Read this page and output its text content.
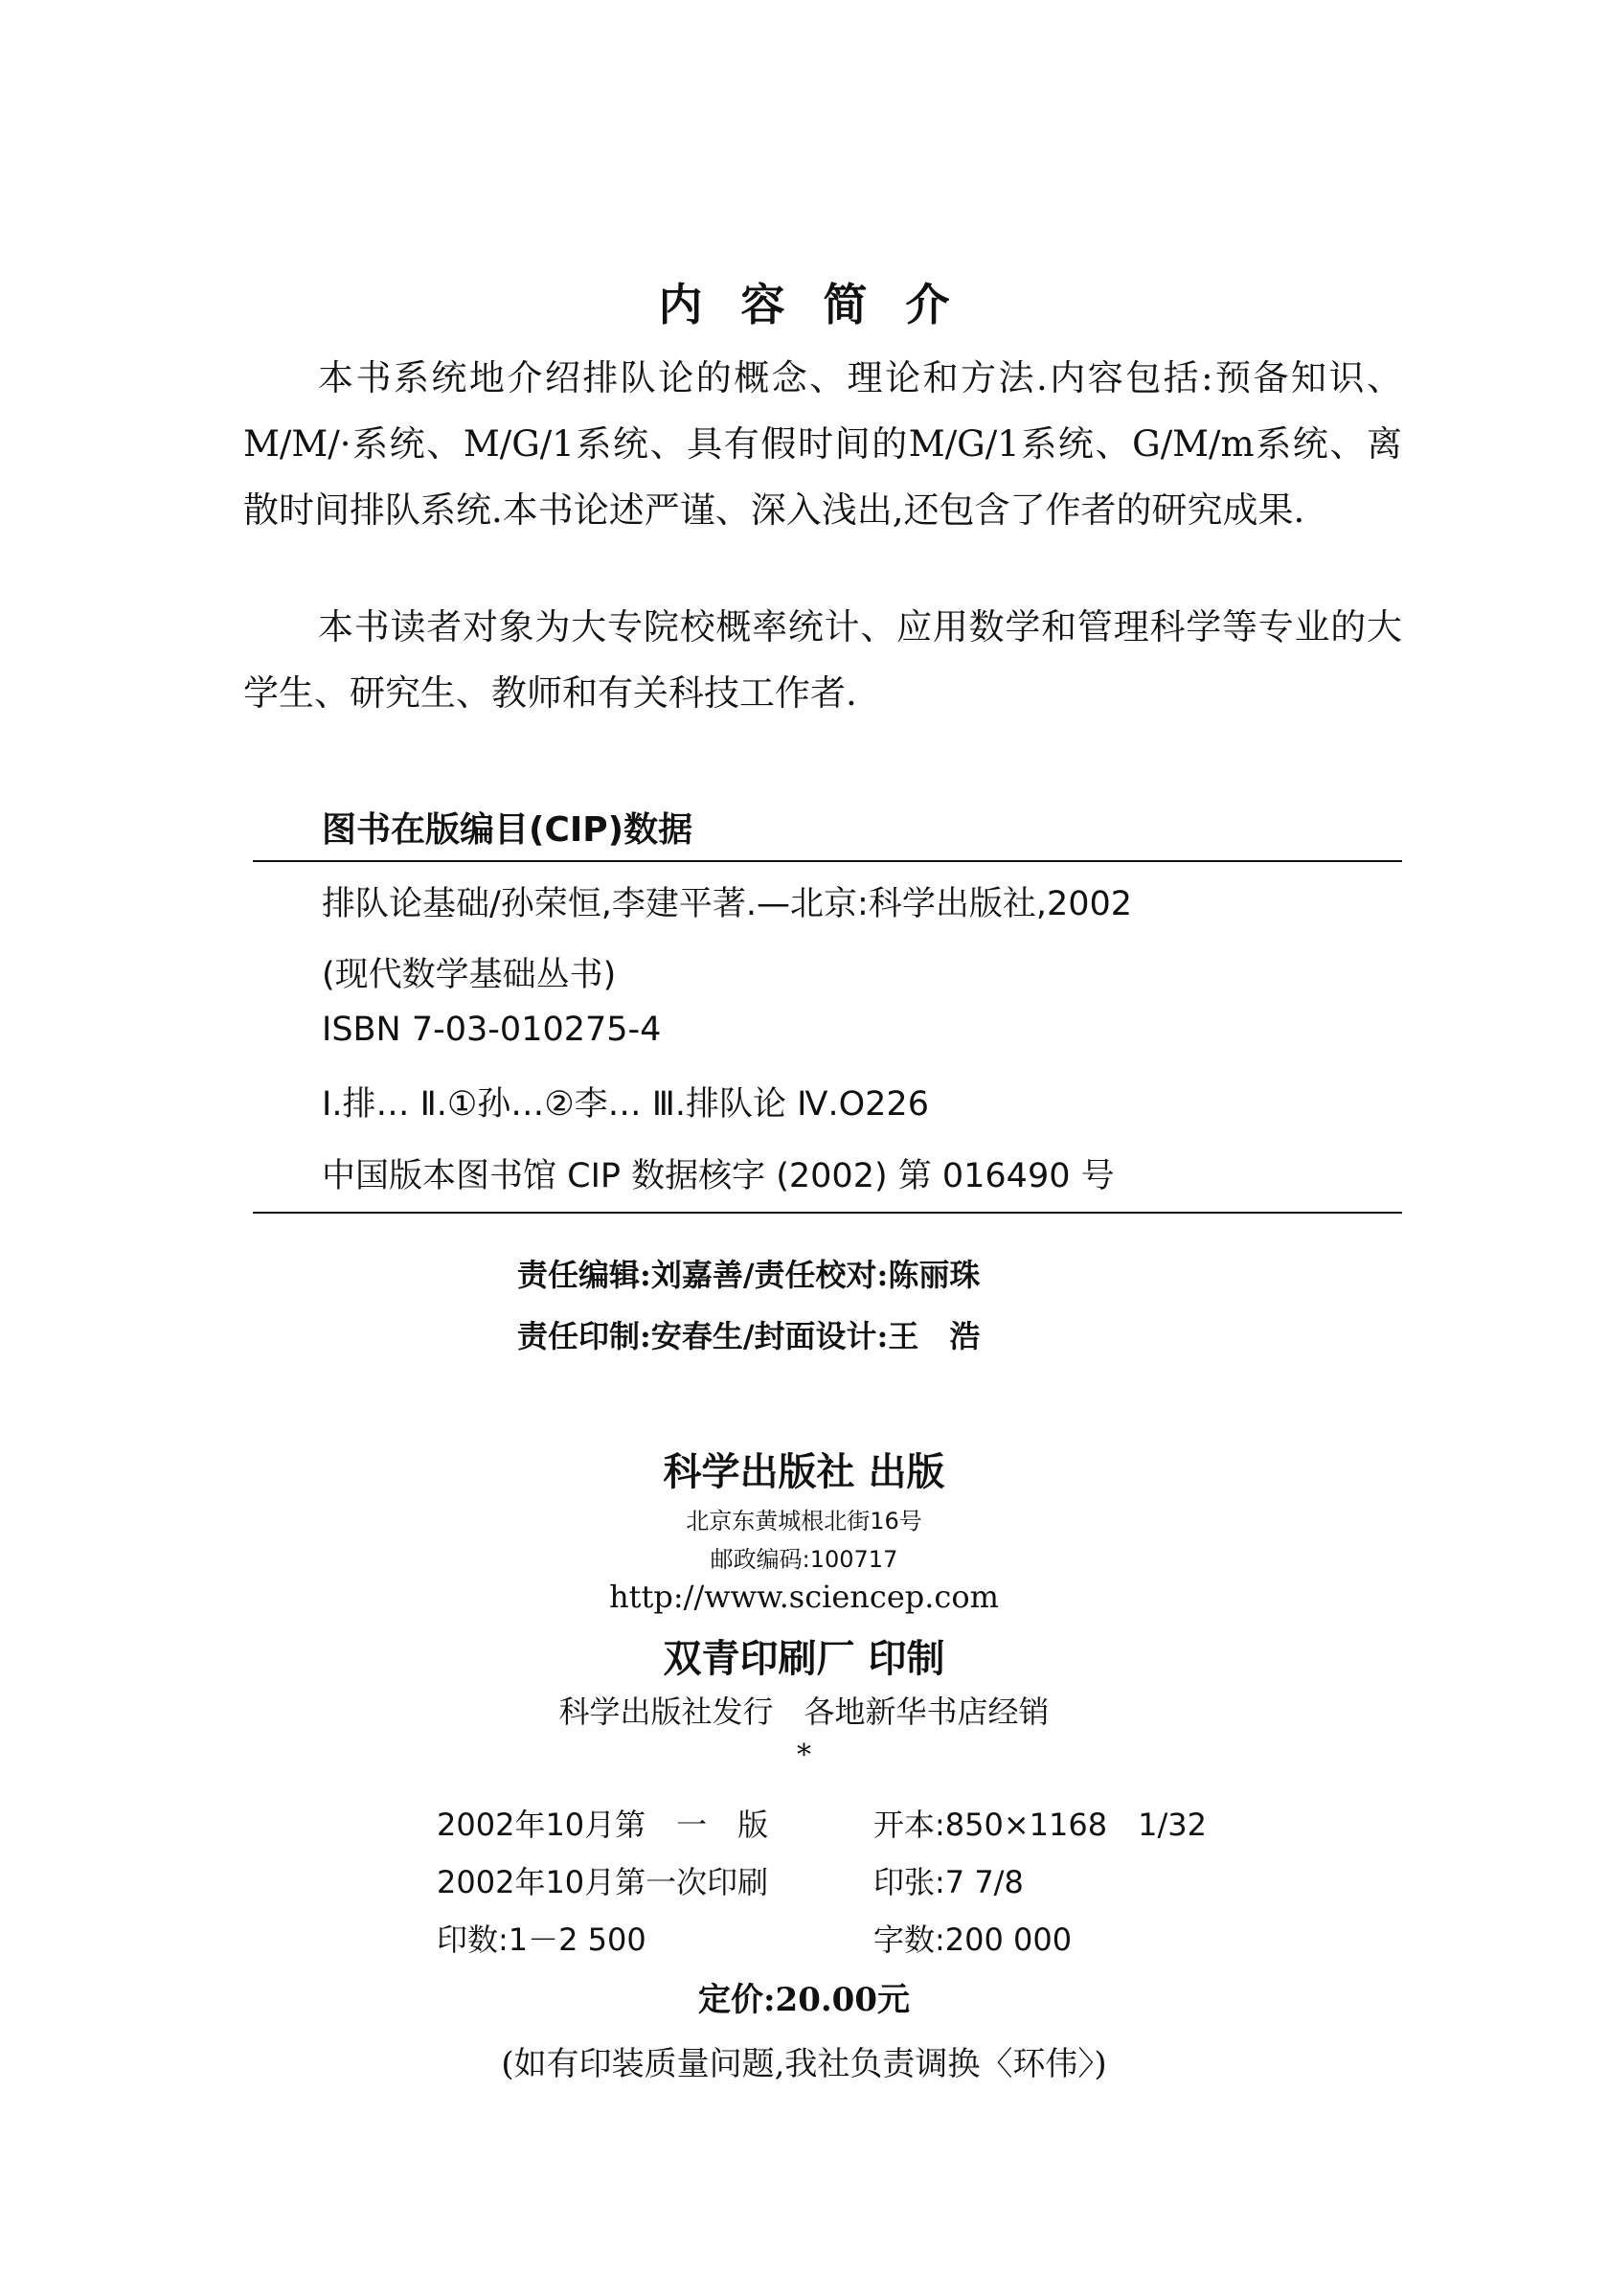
内容简介
本书系统地介绍排队论的概念、理论和方法.内容包括:预备知识、M/M/·系统、M/G/1系统、具有假时间的M/G/1系统、G/M/m系统、离散时间排队系统.本书论述严谨、深入浅出,还包含了作者的研究成果.
本书读者对象为大专院校概率统计、应用数学和管理科学等专业的大学生、研究生、教师和有关科技工作者.
图书在版编目(CIP)数据
排队论基础/孙荣恒,李建平著.—北京:科学出版社,2002
(现代数学基础丛书)
ISBN 7-03-010275-4
Ⅰ.排… Ⅱ.①孙…②李… Ⅲ.排队论 Ⅳ.O226
中国版本图书馆 CIP 数据核字 (2002) 第 016490 号
责任编辑:刘嘉善/责任校对:陈丽珠
责任印制:安春生/封面设计:王　浩
科学出版社 出版
北京东黄城根北街16号
邮政编码:100717
http://www.sciencep.com
双青印刷厂 印制
科学出版社发行　各地新华书店经销
*
2002年10月第　一　版	开本:850×1168　1/32
2002年10月第一次印刷	印张:7 7/8
印数:1－2 500	字数:200 000
定价:20.00元
(如有印装质量问题,我社负责调换〈环伟〉)
